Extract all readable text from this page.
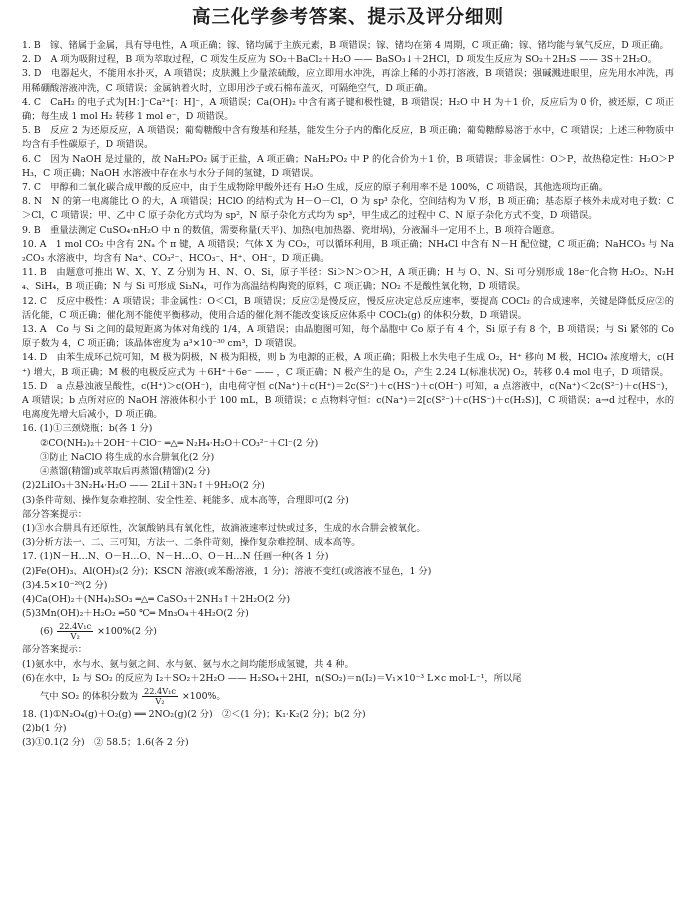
高三化学参考答案、提示及评分细则

1. B　镓、锗属于金属，具有导电性，A 项正确；镓、锗均属于主族元素，B 项错误；镓、锗均在第 4 周期，C 项正确；镓、锗均能与氧气反应，D 项正确。

2. D　A 项为吸附过程，B 项为萃取过程，C 项发生反应为 SO₂＋BaCl₂＋H₂O —— BaSO₃↓＋2HCl，D 项发生反应为 SO₂＋2H₂S —— 3S＋2H₂O。

3. D　电器起火，不能用水扑灭，A 项错误；皮肤溅上少量浓硫酸，应立即用水冲洗，再涂上稀的小苏打溶液，B 项错误；强碱溅进眼里，应先用水冲洗，再用稀硼酸溶液冲洗，C 项错误；金属钠着火时，立即用沙子或石棉布盖灭，可隔绝空气，D 项正确。

4. C　CaH₂ 的电子式为[H：]⁻Ca²⁺[：H]⁻，A 项错误；Ca(OH)₂ 中含有离子键和极性键，B 项错误；H₂O 中 H 为＋1 价，反应后为 0 价，被还原，C 项正确；每生成 1 mol H₂ 转移 1 mol e⁻，D 项错误。

5. B　反应 2 为还原反应，A 项错误；葡萄糖酸中含有羧基和羟基，能发生分子内的酯化反应，B 项正确；葡萄糖醇易溶于水中，C 项错误；上述三种物质中均含有手性碳原子，D 项错误。

6. C　因为 NaOH 是过量的，故 NaH₂PO₂ 属于正盐，A 项正确；NaH₂PO₂ 中 P 的化合价为＋1 价，B 项错误；非金属性：O＞P，故热稳定性：H₂O＞PH₃，C 项正确；NaOH 水溶液中存在水与水分子间的氢键，D 项错误。

7. C　甲醇和二氧化碳合成甲酸的反应中，由于生成物除甲酸外还有 H₂O 生成，反应的原子利用率不是 100%，C 项错误，其他选项均正确。

8. N　N 的第一电离能比 O 的大，A 项错误；HClO 的结构式为 H－O－Cl，O 为 sp³ 杂化，空间结构为 V 形，B 项正确；基态原子核外未成对电子数：C＞Cl，C 项错误；甲、乙中 C 原子杂化方式均为 sp²，N 原子杂化方式均为 sp³，甲生成乙的过程中 C、N 原子杂化方式不变，D 项错误。

9. B　重量法测定 CuSO₄·nH₂O 中 n 的数值，需要称量(天平)、加热(电加热器、瓷坩埚)，分液漏斗一定用不上，B 项符合题意。

10. A　1 mol CO₂ 中含有 2Nₐ 个 π 键，A 项错误；气体 X 为 CO₂，可以循环利用，B 项正确；NH₄Cl 中含有 N－H 配位键，C 项正确；NaHCO₃ 与 Na₂CO₃ 水溶液中，均含有 Na⁺、CO₃²⁻、HCO₃⁻、H⁺、OH⁻，D 项正确。

11. B　由题意可推出 W、X、Y、Z 分别为 H、N、O、Si，原子半径：Si＞N＞O＞H，A 项正确；H 与 O、N、Si 可分别形成 18e⁻化合物 H₂O₂、N₂H₄、SiH₄，B 项正确；N 与 Si 可形成 Si₃N₄，可作为高温结构陶瓷的原料，C 项正确；NO₂ 不是酸性氧化物，D 项错误。

12. C　反应中极性：A 项错误；非金属性：O＜Cl，B 项错误；反应②是慢反应，慢反应决定总反应速率，要提高 COCl₂ 的合成速率，关键是降低反应②的活化能，C 项正确；催化剂不能使平衡移动，使用合适的催化剂不能改变该反应体系中 COCl₂(g) 的体积分数，D 项错误。

13. A　Co 与 Si 之间的最短距离为体对角线的 1/4，A 项错误；由晶胞图可知，每个晶胞中 Co 原子有 4 个，Si 原子有 8 个，B 项错误；与 Si 紧邻的 Co 原子数为 4，C 项正确；该晶体密度为 a³×10⁻³⁰ cm³，D 项错误。

14. D　由苯生成环己烷可知，M 极为阴极，N 极为阳极，则 b 为电源的正极，A 项正确；阳极上水失电子生成 O₂，H⁺ 移向 M 极，HClO₄ 浓度增大，c(H⁺) 增大，B 项正确；M 极的电极反应式为 ＋6H⁺＋6e⁻ —— ，C 项正确；N 极产生的是 O₂，产生 2.24 L(标准状况) O₂，转移 0.4 mol 电子，D 项错误。

15. D　a 点悬浊液呈酸性，c(H⁺)＞c(OH⁻)，由电荷守恒 c(Na⁺)＋c(H⁺)＝2c(S²⁻)＋c(HS⁻)＋c(OH⁻) 可知，a 点溶液中，c(Na⁺)＜2c(S²⁻)＋c(HS⁻)，A 项错误；b 点所对应的 NaOH 溶液体积小于 100 mL，B 项错误；c 点物料守恒：c(Na⁺)＝2[c(S²⁻)＋c(HS⁻)＋c(H₂S)]，C 项错误；a→d 过程中，水的电离度先增大后减小，D 项正确。

16. (1)①三颈烧瓶；b(各 1 分)

②CO(NH₂)₂＋2OH⁻＋ClO⁻ ═△═ N₂H₄·H₂O＋CO₃²⁻＋Cl⁻(2 分)

③防止 NaClO 将生成的水合肼氧化(2 分)

④蒸馏(精馏)或萃取后再蒸馏(精馏)(2 分)

(2)2LiIO₃＋3N₂H₄·H₂O —— 2LiI＋3N₂↑＋9H₂O(2 分)

(3)条件苛刻、操作复杂难控制、安全性差、耗能多、成本高等，合理即可(2 分)

部分答案提示：

(1)③水合肼具有还原性，次氯酸钠具有氧化性，故滴液速率过快或过多，生成的水合肼会被氧化。

(3)分析方法一、二、三可知，方法一、二条件苛刻，操作复杂难控制、成本高等。

17. (1)N－H…N、O－H…O、N－H…O、O－H…N 任画一种(各 1 分)

(2)Fe(OH)₃、Al(OH)₃(2 分)；KSCN 溶液(或苯酚溶液，1 分)；溶液不变红(或溶液不显色，1 分)

(3)4.5×10⁻²⁰(2 分)

(4)Ca(OH)₂＋(NH₄)₂SO₃ ═△═ CaSO₃＋2NH₃↑＋2H₂O(2 分)

(5)3Mn(OH)₂＋H₂O₂ ═50 ℃═ Mn₃O₄＋4H₂O(2 分)

$(6) \frac{\text{22.4V₁c}}{\text{V₂}} \times 100\%(2$ 分)

部分答案提示：

(1)氨水中，水与水、氨与氨之间、水与氨、氨与水之间均能形成氢键，共 4 种。

(6)在水中，I₂ 与 SO₂ 的反应为 I₂＋SO₂＋2H₂O —— H₂SO₄＋2HI，n(SO₂)＝n(I₂)＝V₁×10⁻³ L×c mol·L⁻¹，所以尾

气中 SO₂ 的体积分数为 $\frac{\text{22.4V₁c}}{\text{V₂}} \times 100\%$。

18. (1)①N₂O₄(g)＋O₂(g) ══ 2NO₂(g)(2 分)　②＜(1 分)；K₁·K₂(2 分)；b(2 分)

(2)b(1 分)

(3)①0.1(2 分)　② 58.5；1.6(各 2 分)
